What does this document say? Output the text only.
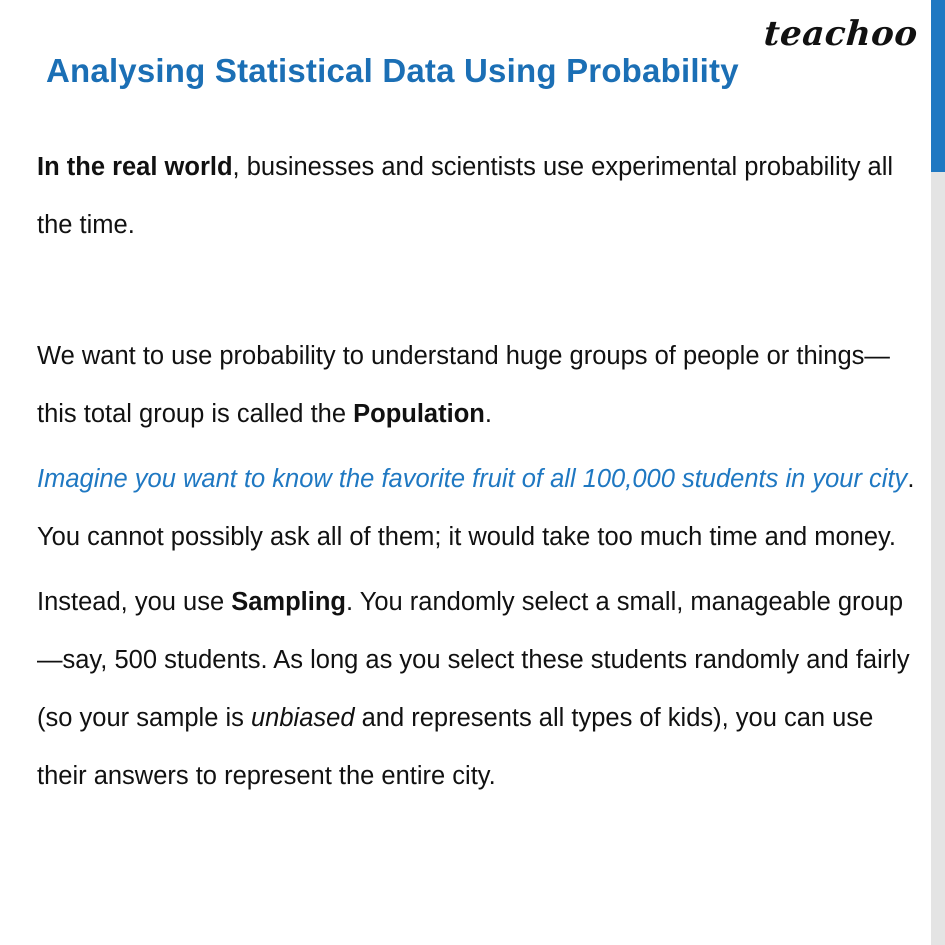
teachoo
Analysing Statistical Data Using Probability

In the real world, businesses and scientists use experimental probability all the time.

We want to use probability to understand huge groups of people or things—this total group is called the Population.

Imagine you want to know the favorite fruit of all 100,000 students in your city. You cannot possibly ask all of them; it would take too much time and money.

Instead, you use Sampling. You randomly select a small, manageable group—say, 500 students. As long as you select these students randomly and fairly (so your sample is unbiased and represents all types of kids), you can use their answers to represent the entire city.
